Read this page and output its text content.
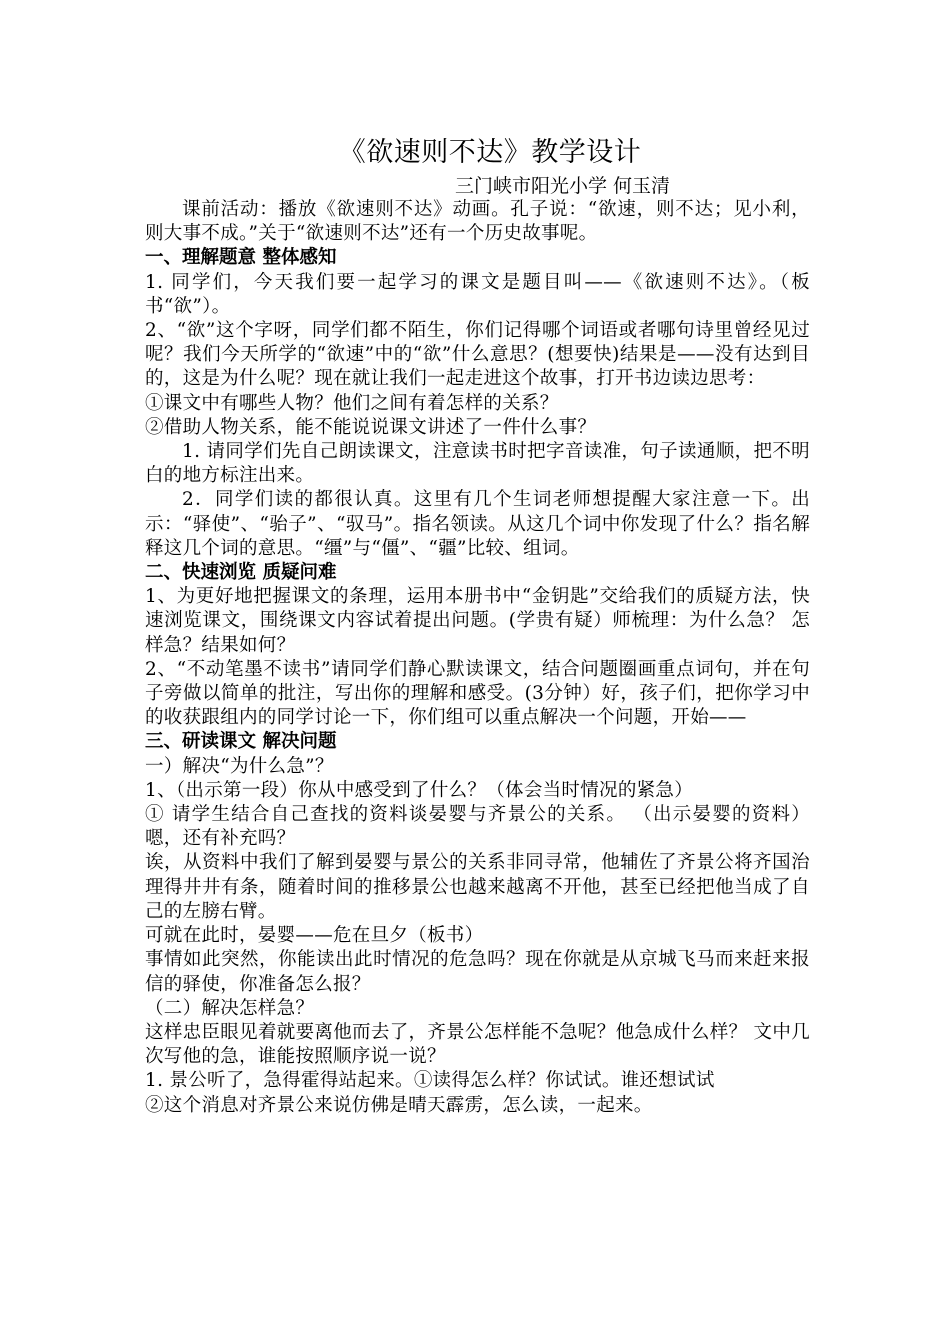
《欲速则不达》教学设计
三门峡市阳光小学 何玉清

课前活动：播放《欲速则不达》动画。孔子说：“欲速，则不达；见小利，则大事不成。”关于“欲速则不达”还有一个历史故事呢。

一、理解题意 整体感知

1. 同学们，今天我们要一起学习的课文是题目叫——《欲速则不达》。（板书“欲”）。

2、“欲”这个字呀，同学们都不陌生，你们记得哪个词语或者哪句诗里曾经见过呢？我们今天所学的“欲速”中的“欲”什么意思？(想要快)结果是——没有达到目的，这是为什么呢？现在就让我们一起走进这个故事，打开书边读边思考：

①课文中有哪些人物？他们之间有着怎样的关系？

②借助人物关系，能不能说说课文讲述了一件什么事？

1. 请同学们先自己朗读课文，注意读书时把字音读准，句子读通顺，把不明白的地方标注出来。

2．同学们读的都很认真。这里有几个生词老师想提醒大家注意一下。出示：“驿使”、“骀子”、“驭马”。指名领读。从这几个词中你发现了什么？指名解释这几个词的意思。“缰”与“僵”、“疆”比较、组词。

二、快速浏览 质疑问难

1、为更好地把握课文的条理，运用本册书中“金钥匙”交给我们的质疑方法，快速浏览课文，围绕课文内容试着提出问题。(学贵有疑）师梳理：为什么急？ 怎样急？结果如何？

2、“不动笔墨不读书”请同学们静心默读课文，结合问题圈画重点词句，并在句子旁做以简单的批注，写出你的理解和感受。(3分钟）好，孩子们，把你学习中的收获跟组内的同学讨论一下，你们组可以重点解决一个问题，开始——

三、研读课文 解决问题

一）解决“为什么急”？

1、（出示第一段）你从中感受到了什么？（体会当时情况的紧急）

① 请学生结合自己查找的资料谈晏婴与齐景公的关系。 （出示晏婴的资料）嗯，还有补充吗？

诶，从资料中我们了解到晏婴与景公的关系非同寻常，他辅佐了齐景公将齐国治理得井井有条，随着时间的推移景公也越来越离不开他，甚至已经把他当成了自己的左膀右臂。

可就在此时，晏婴——危在旦夕（板书）

事情如此突然，你能读出此时情况的危急吗？现在你就是从京城飞马而来赶来报信的驿使，你准备怎么报？

（二）解决怎样急？

这样忠臣眼见着就要离他而去了，齐景公怎样能不急呢？他急成什么样？ 文中几次写他的急，谁能按照顺序说一说？

1. 景公听了，急得霍得站起来。①读得怎么样？你试试。谁还想试试

②这个消息对齐景公来说仿佛是晴天霹雳，怎么读，一起来。
